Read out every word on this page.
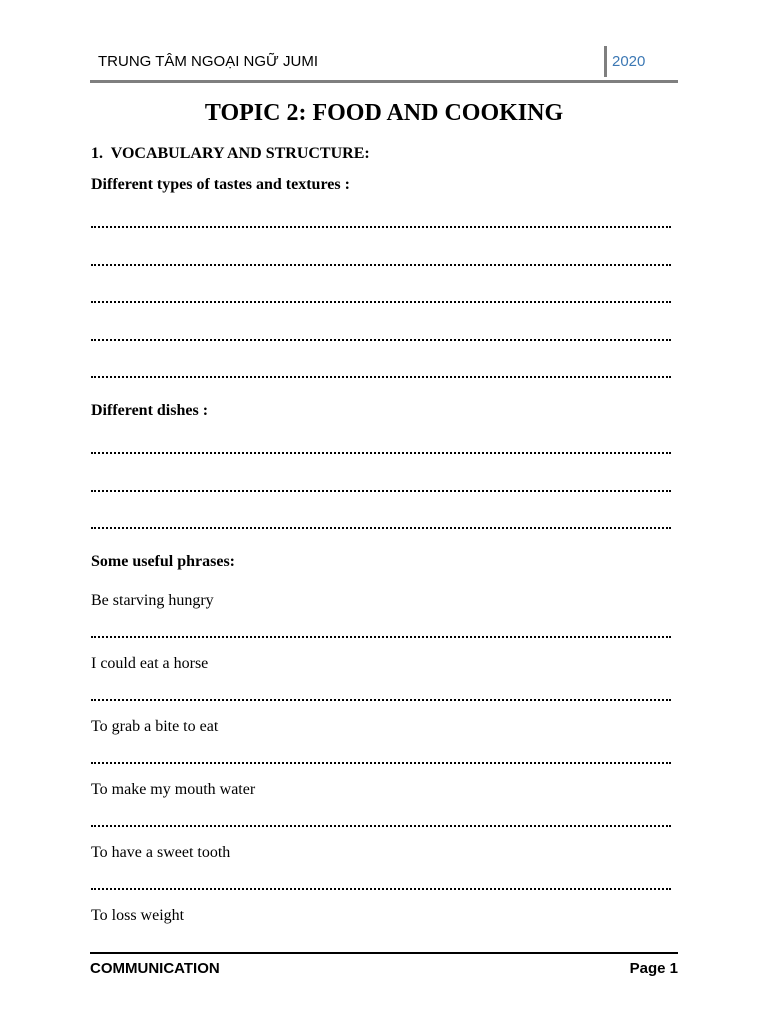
TRUNG TÂM NGOẠI NGỮ JUMI	2020
TOPIC 2: FOOD AND COOKING
1. VOCABULARY AND STRUCTURE:
Different types of tastes and textures :
Different dishes :
Some useful phrases:
Be starving hungry
I could eat a horse
To grab a bite to eat
To make my mouth water
To have a sweet tooth
To loss weight
COMMUNICATION	Page 1
